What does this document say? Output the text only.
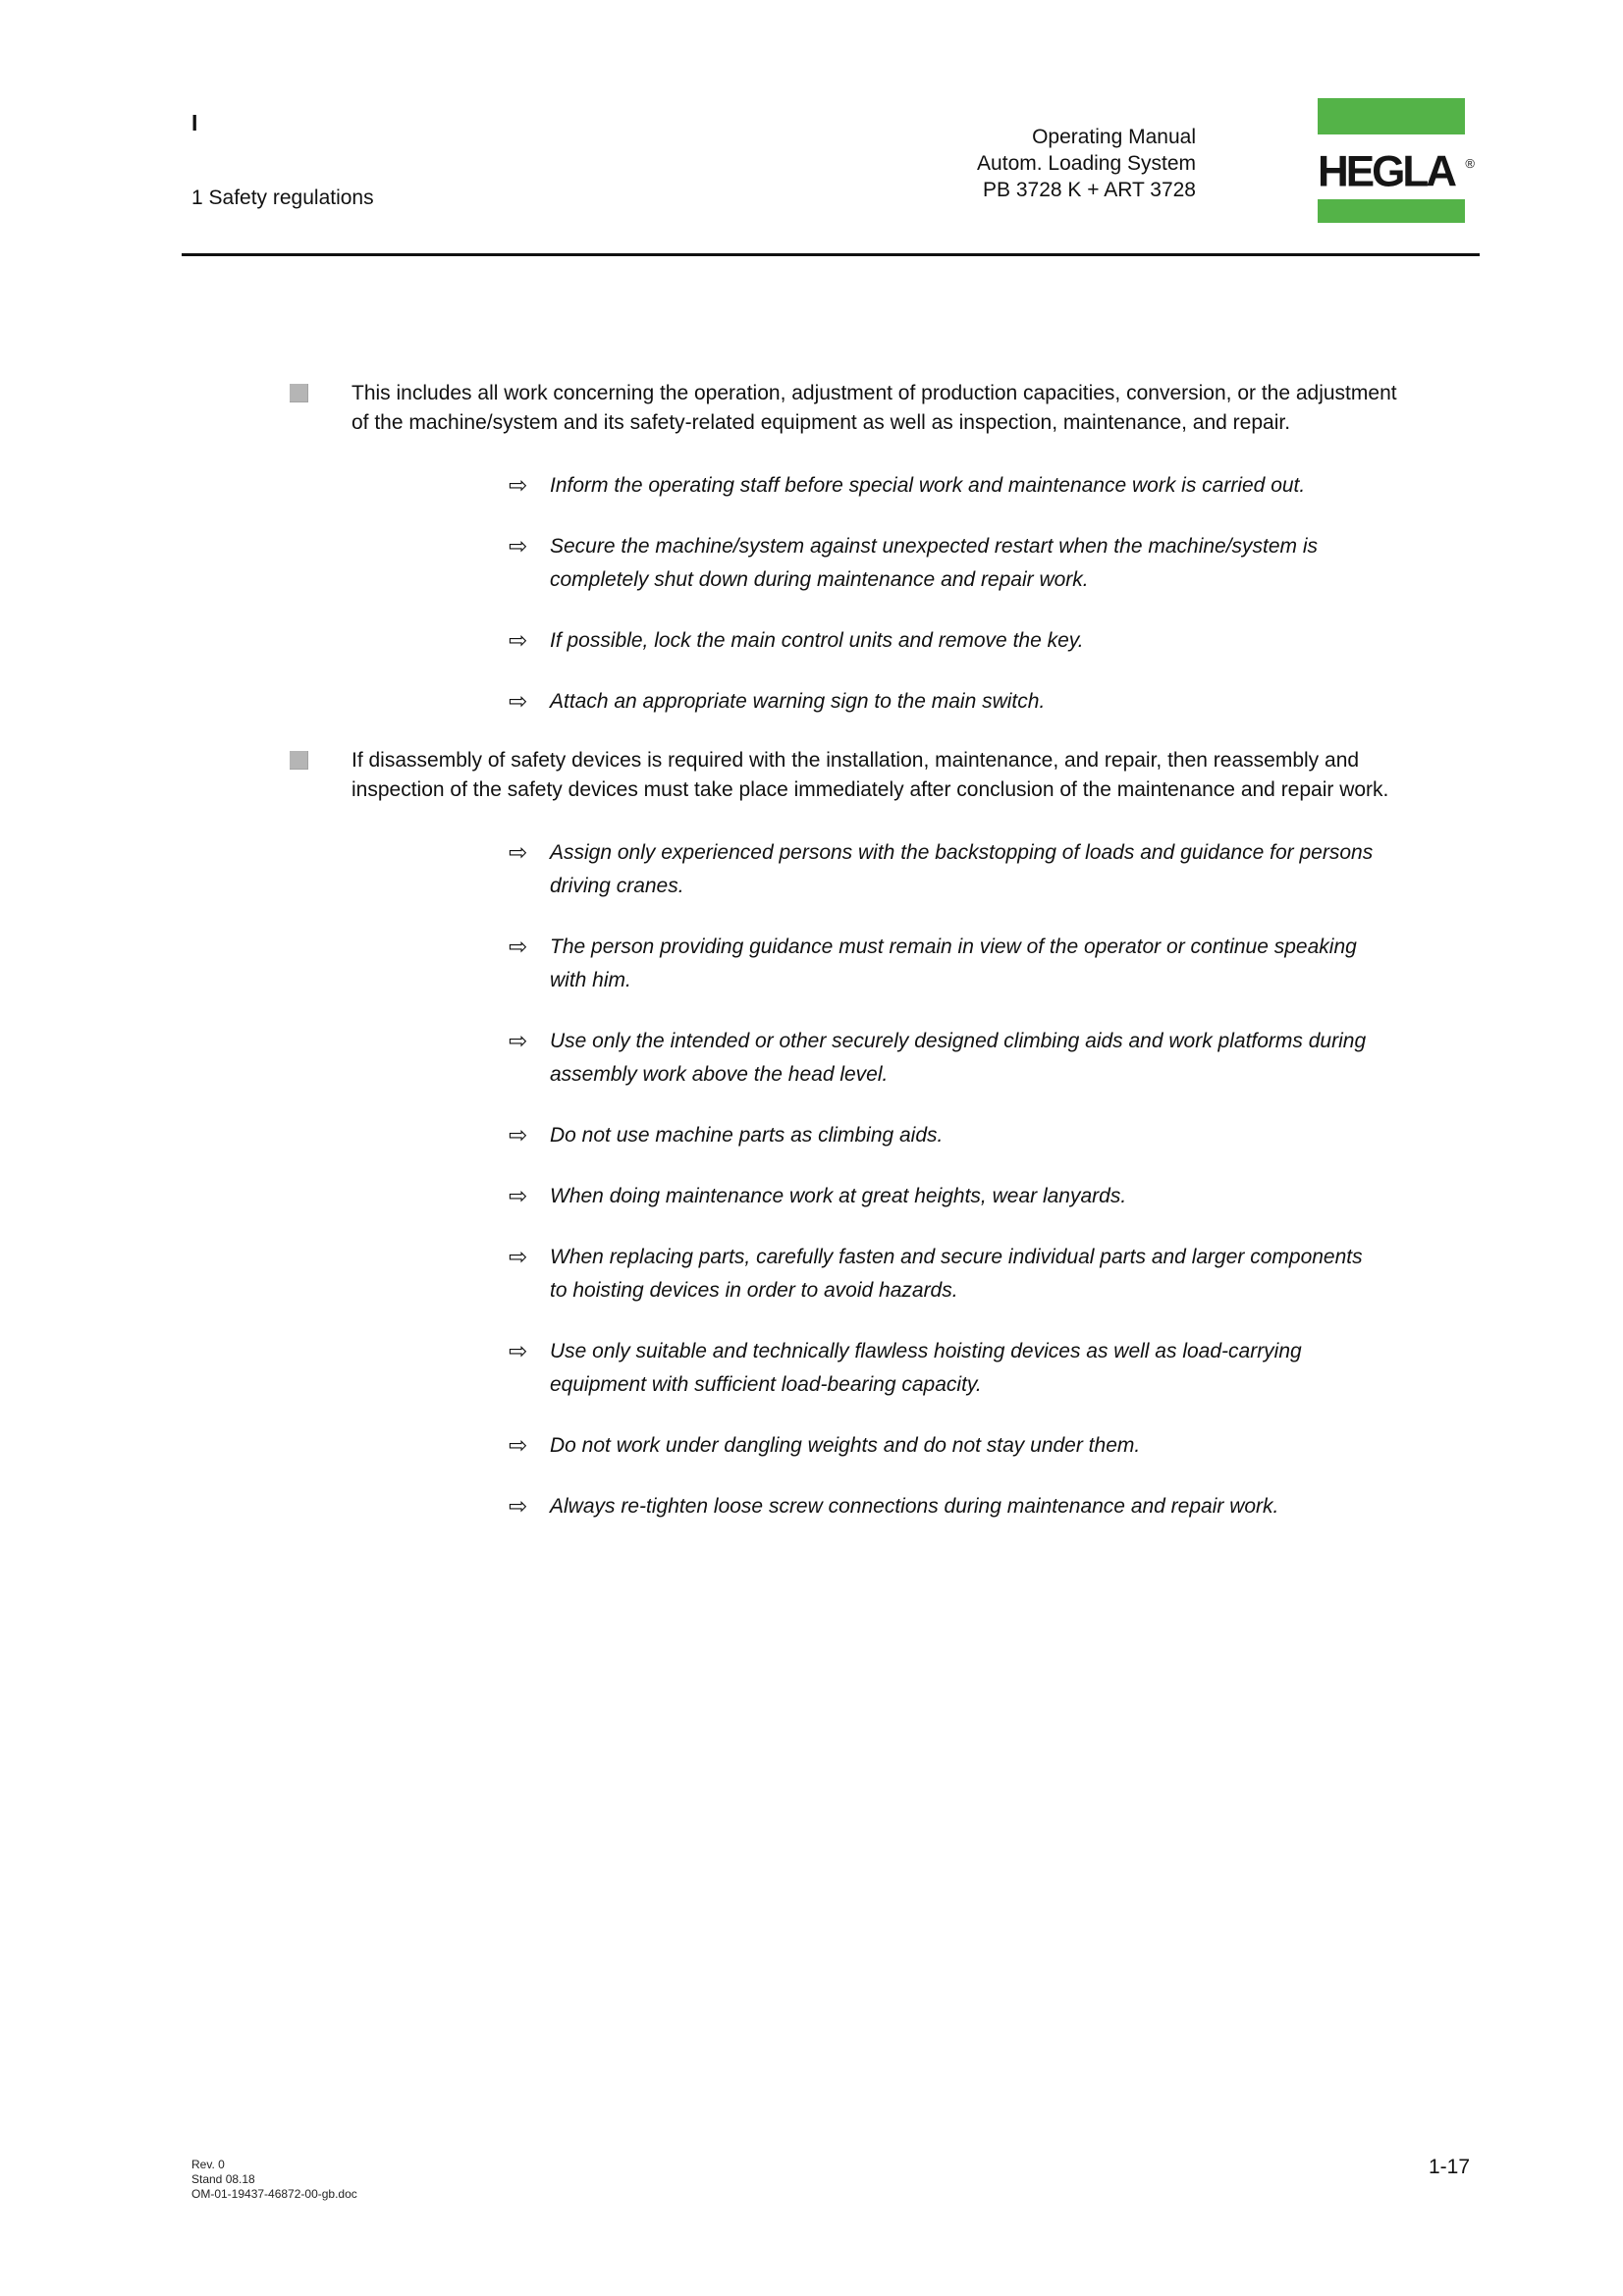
I
1 Safety regulations
Operating Manual
Autom. Loading System
PB 3728 K + ART 3728	HEGLA ®
This includes all work concerning the operation, adjustment of production capacities, conversion, or the adjustment of the machine/system and its safety-related equipment as well as inspection, maintenance, and repair.
⇨	Inform the operating staff before special work and maintenance work is carried out.
⇨	Secure the machine/system against unexpected restart when the machine/system is completely shut down during maintenance and repair work.
⇨	If possible, lock the main control units and remove the key.
⇨	Attach an appropriate warning sign to the main switch.
If disassembly of safety devices is required with the installation, maintenance, and repair, then reassembly and inspection of the safety devices must take place immediately after conclusion of the maintenance and repair work.
⇨	Assign only experienced persons with the backstopping of loads and guidance for persons driving cranes.
⇨	The person providing guidance must remain in view of the operator or continue speaking with him.
⇨	Use only the intended or other securely designed climbing aids and work platforms during assembly work above the head level.
⇨	Do not use machine parts as climbing aids.
⇨	When doing maintenance work at great heights, wear lanyards.
⇨	When replacing parts, carefully fasten and secure individual parts and larger components to hoisting devices in order to avoid hazards.
⇨	Use only suitable and technically flawless hoisting devices as well as load-carrying equipment with sufficient load-bearing capacity.
⇨	Do not work under dangling weights and do not stay under them.
⇨	Always re-tighten loose screw connections during maintenance and repair work.
Rev. 0
Stand 08.18
OM-01-19437-46872-00-gb.doc
1-17
